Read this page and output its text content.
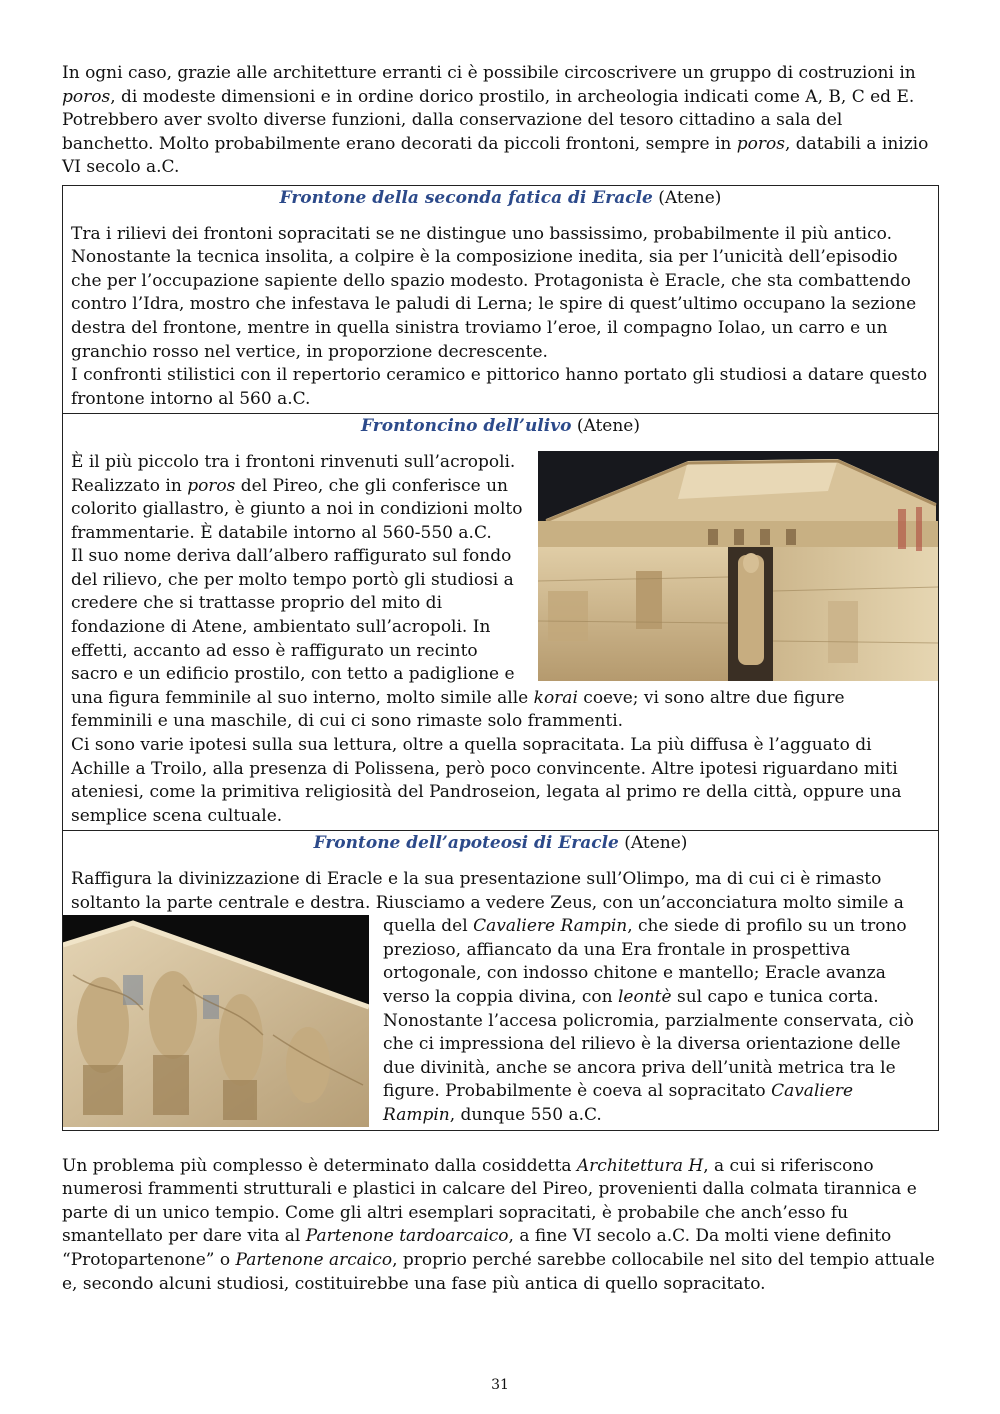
In ogni caso, grazie alle architetture erranti ci è possibile circoscrivere un gruppo di costruzioni in poros, di modeste dimensioni e in ordine dorico prostilo, in archeologia indicati come A, B, C ed E. Potrebbero aver svolto diverse funzioni, dalla conservazione del tesoro cittadino a sala del banchetto. Molto probabilmente erano decorati da piccoli frontoni, sempre in poros, databili a inizio VI secolo a.C.

Frontone della seconda fatica di Eracle (Atene)

Tra i rilievi dei frontoni sopracitati se ne distingue uno bassissimo, probabilmente il più antico. Nonostante la tecnica insolita, a colpire è la composizione inedita, sia per l’unicità dell’episodio che per l’occupazione sapiente dello spazio modesto. Protagonista è Eracle, che sta combattendo contro l’Idra, mostro che infestava le paludi di Lerna; le spire di quest’ultimo occupano la sezione destra del frontone, mentre in quella sinistra troviamo l’eroe, il compagno Iolao, un carro e un granchio rosso nel vertice, in proporzione decrescente.

I confronti stilistici con il repertorio ceramico e pittorico hanno portato gli studiosi a datare questo frontone intorno al 560 a.C.

Frontoncino dell’ulivo (Atene)

È il più piccolo tra i frontoni rinvenuti sull’acropoli. Realizzato in poros del Pireo, che gli conferisce un colorito giallastro, è giunto a noi in condizioni molto frammentarie. È databile intorno al 560-550 a.C.

Il suo nome deriva dall’albero raffigurato sul fondo del rilievo, che per molto tempo portò gli studiosi a credere che si trattasse proprio del mito di fondazione di Atene, ambientato sull’acropoli. In effetti, accanto ad esso è raffigurato un recinto sacro e un edificio prostilo, con tetto a padiglione e una figura femminile al suo interno, molto simile alle korai coeve; vi sono altre due figure femminili e una maschile, di cui ci sono rimaste solo frammenti.

Ci sono varie ipotesi sulla sua lettura, oltre a quella sopracitata. La più diffusa è l’agguato di Achille a Troilo, alla presenza di Polissena, però poco convincente. Altre ipotesi riguardano miti ateniesi, come la primitiva religiosità del Pandroseion, legata al primo re della città, oppure una semplice scena cultuale.

Frontone dell’apoteosi di Eracle (Atene)

Raffigura la divinizzazione di Eracle e la sua presentazione sull’Olimpo, ma di cui ci è rimasto soltanto la parte centrale e destra. Riusciamo a vedere Zeus, con un’acconciatura molto simile a

quella del Cavaliere Rampin, che siede di profilo su un trono prezioso, affiancato da una Era frontale in prospettiva ortogonale, con indosso chitone e mantello; Eracle avanza verso la coppia divina, con leontè sul capo e tunica corta.

Nonostante l’accesa policromia, parzialmente conservata, ciò che ci impressiona del rilievo è la diversa orientazione delle due divinità, anche se ancora priva dell’unità metrica tra le figure. Probabilmente è coeva al sopracitato Cavaliere Rampin, dunque 550 a.C.

Un problema più complesso è determinato dalla cosiddetta Architettura H, a cui si riferiscono numerosi frammenti strutturali e plastici in calcare del Pireo, provenienti dalla colmata tirannica e parte di un unico tempio. Come gli altri esemplari sopracitati, è probabile che anch’esso fu smantellato per dare vita al Partenone tardoarcaico, a fine VI secolo a.C. Da molti viene definito “Protopartenone” o Partenone arcaico, proprio perché sarebbe collocabile nel sito del tempio attuale e, secondo alcuni studiosi, costituirebbe una fase più antica di quello sopracitato.

31
